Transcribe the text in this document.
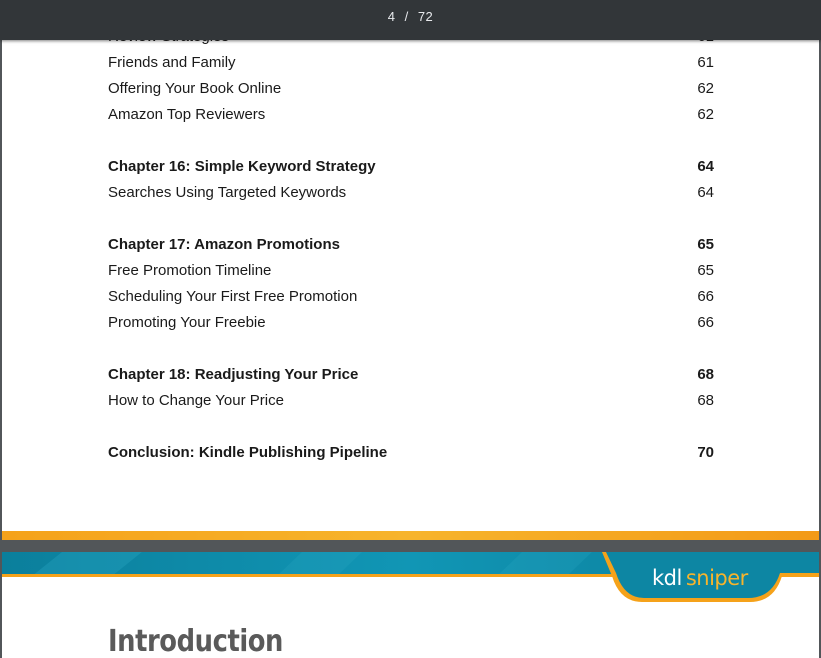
Friends and Family	61
Offering Your Book Online	62
Amazon Top Reviewers	62
Chapter 16: Simple Keyword Strategy	64
Searches Using Targeted Keywords	64
Chapter 17: Amazon Promotions	65
Free Promotion Timeline	65
Scheduling Your First Free Promotion	66
Promoting Your Freebie	66
Chapter 18: Readjusting Your Price	68
How to Change Your Price	68
Conclusion: Kindle Publishing Pipeline	70
kdl sniper
Introduction
4 / 72
